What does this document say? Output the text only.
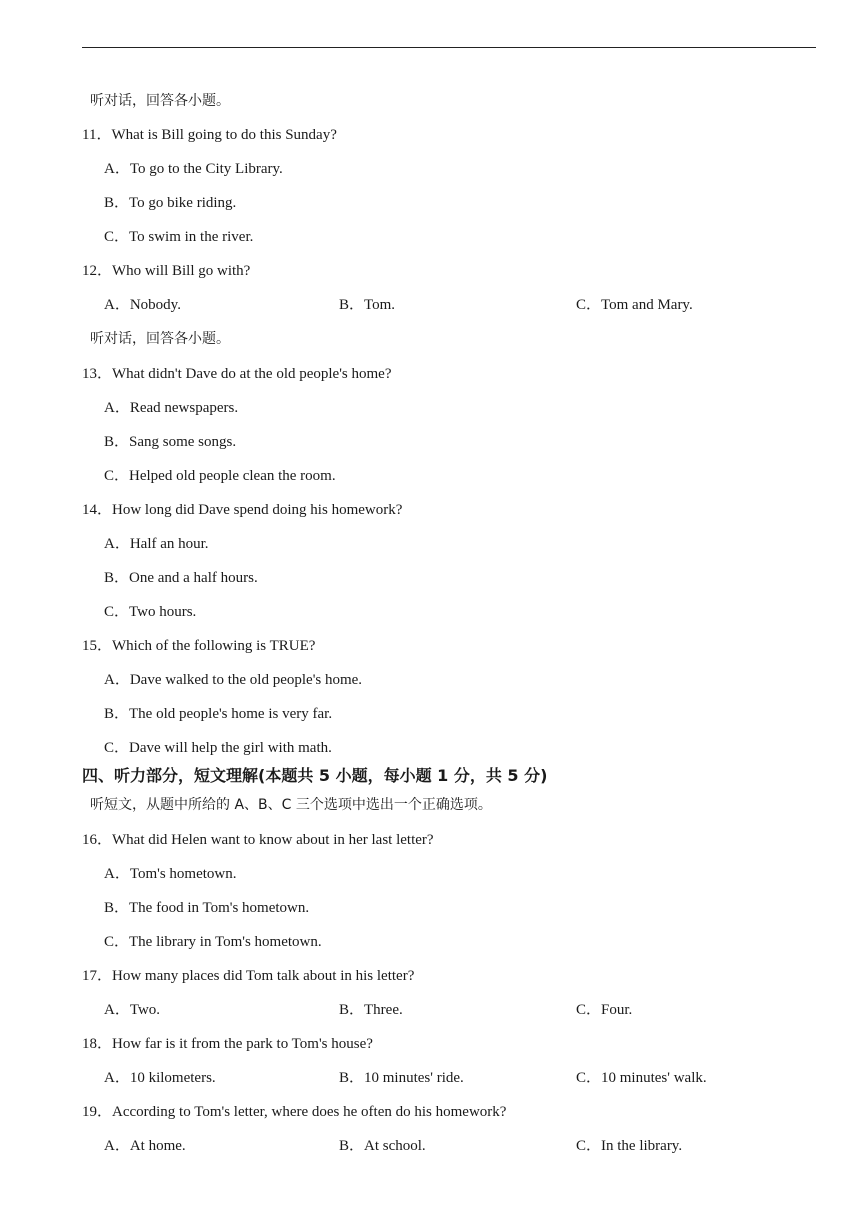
听对话，回答各小题。
11．What is Bill going to do this Sunday?
A．To go to the City Library.
B．To go bike riding.
C．To swim in the river.
12．Who will Bill go with?
A．Nobody.	B．Tom.	C．Tom and Mary.
听对话，回答各小题。
13．What didn't Dave do at the old people's home?
A．Read newspapers.
B．Sang some songs.
C．Helped old people clean the room.
14．How long did Dave spend doing his homework?
A．Half an hour.
B．One and a half hours.
C．Two hours.
15．Which of the following is TRUE?
A．Dave walked to the old people's home.
B．The old people's home is very far.
C．Dave will help the girl with math.
四、听力部分，短文理解(本题共 5 小题，每小题 1 分，共 5 分)
听短文，从题中所给的 A、B、C 三个选项中选出一个正确选项。
16．What did Helen want to know about in her last letter?
A．Tom's hometown.
B．The food in Tom's hometown.
C．The library in Tom's hometown.
17．How many places did Tom talk about in his letter?
A．Two.	B．Three.	C．Four.
18．How far is it from the park to Tom's house?
A．10 kilometers.	B．10 minutes' ride.	C．10 minutes' walk.
19．According to Tom's letter, where does he often do his homework?
A．At home.	B．At school.	C．In the library.
